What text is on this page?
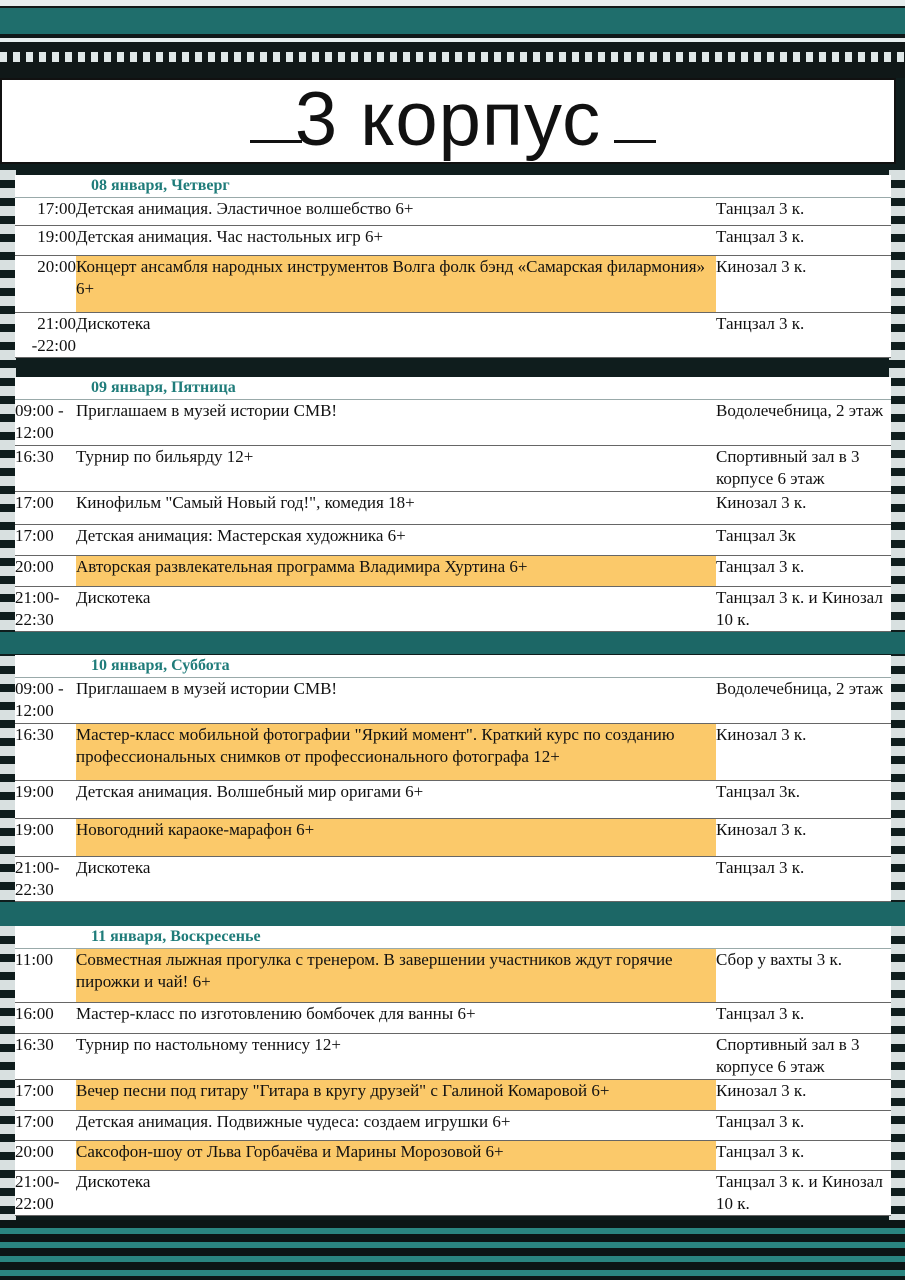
3 корпус
08 января, Четверг
17:00	Детская анимация. Эластичное волшебство 6+	Танцзал 3 к.
19:00	Детская анимация. Час настольных игр 6+	Танцзал 3 к.
20:00	Концерт ансамбля народных инструментов Волга фолк бэнд «Самарская филармония» 6+	Кинозал 3 к.
21:00 -22:00	Дискотека	Танцзал 3 к.
09 января, Пятница
09:00 - 12:00	Приглашаем в музей истории СМВ!	Водолечебница, 2 этаж
16:30	Турнир по бильярду 12+	Спортивный зал в 3 корпусе 6 этаж
17:00	Кинофильм "Самый Новый год!", комедия 18+	Кинозал 3 к.
17:00	Детская анимация: Мастерская художника 6+	Танцзал 3к
20:00	Авторская развлекательная программа Владимира Хуртина 6+	Танцзал 3 к.
21:00- 22:30	Дискотека	Танцзал 3 к. и Кинозал 10 к.
10 января, Суббота
09:00 - 12:00	Приглашаем в музей истории СМВ!	Водолечебница, 2 этаж
16:30	Мастер-класс мобильной фотографии "Яркий момент". Краткий курс по созданию профессиональных снимков от профессионального фотографа 12+	Кинозал 3 к.
19:00	Детская анимация. Волшебный мир оригами 6+	Танцзал 3к.
19:00	Новогодний караоке-марафон 6+	Кинозал 3 к.
21:00- 22:30	Дискотека	Танцзал 3 к.
11 января, Воскресенье
11:00	Совместная лыжная прогулка с тренером. В завершении участников ждут горячие пирожки и чай! 6+	Сбор у вахты 3 к.
16:00	Мастер-класс по изготовлению бомбочек для ванны 6+	Танцзал 3 к.
16:30	Турнир по настольному теннису 12+	Спортивный зал в 3 корпусе 6 этаж
17:00	Вечер песни под гитару "Гитара в кругу друзей" с Галиной Комаровой 6+	Кинозал 3 к.
17:00	Детская анимация. Подвижные чудеса: создаем игрушки 6+	Танцзал 3 к.
20:00	Саксофон-шоу от Льва Горбачёва и Марины Морозовой 6+	Танцзал 3 к.
21:00- 22:00	Дискотека	Танцзал 3 к. и Кинозал 10 к.
